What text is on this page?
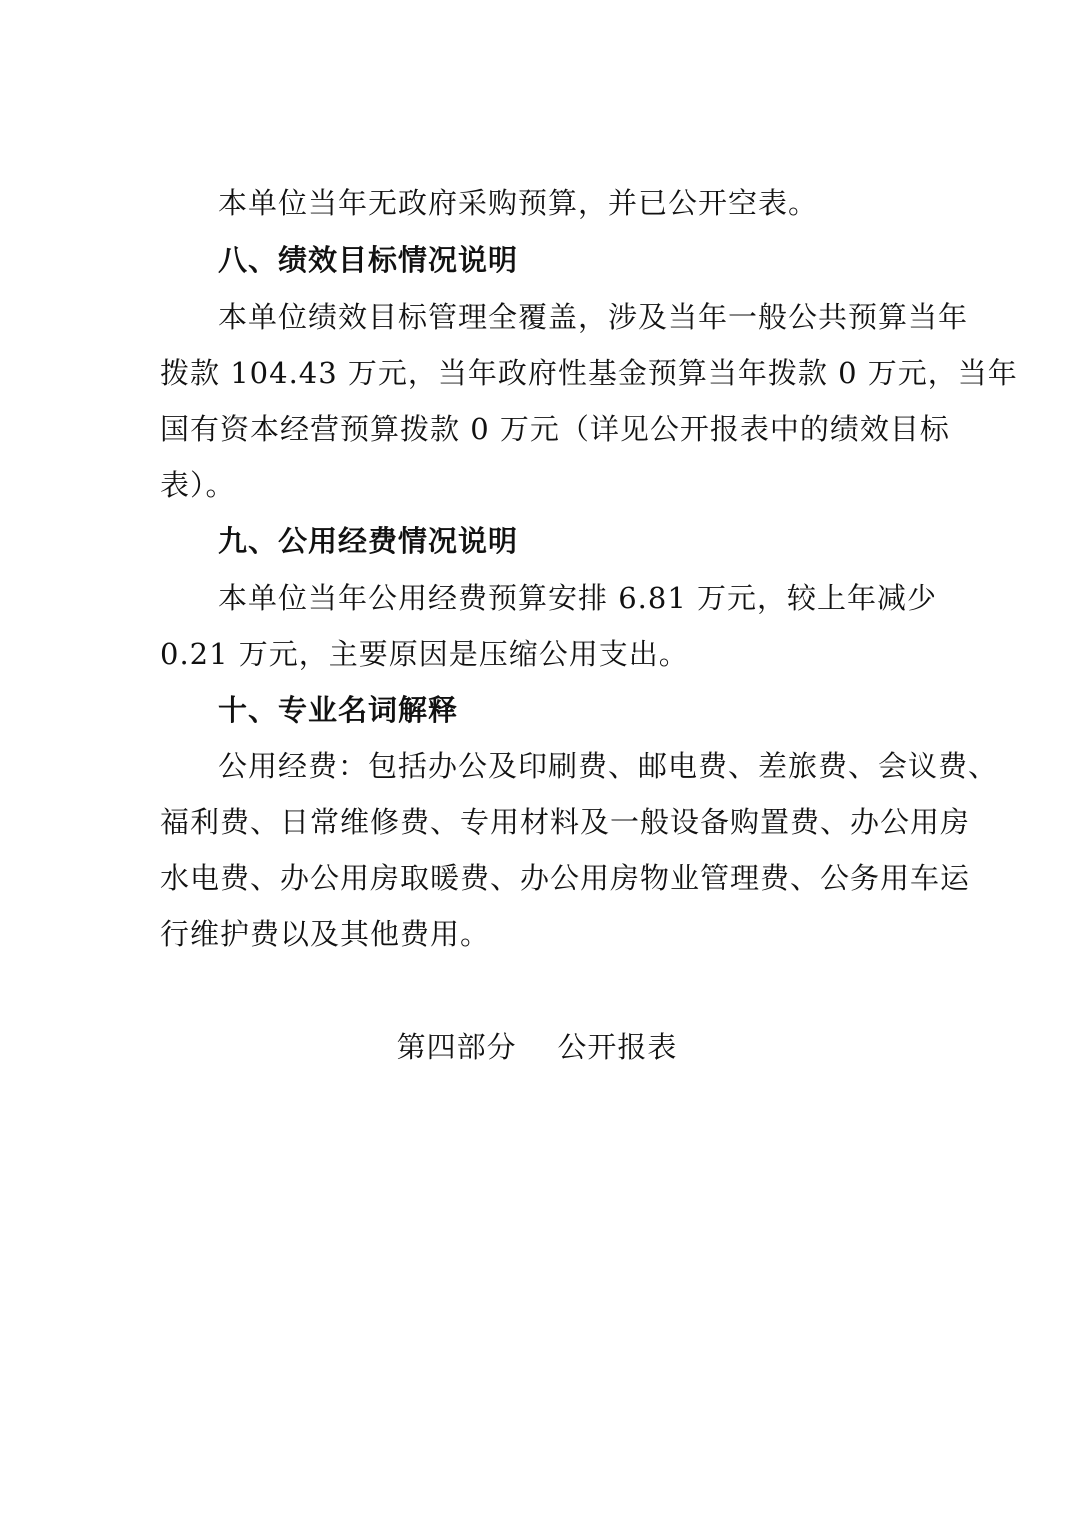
本单位当年无政府采购预算，并已公开空表。
八、绩效目标情况说明
本单位绩效目标管理全覆盖，涉及当年一般公共预算当年
拨款 104.43 万元，当年政府性基金预算当年拨款 0 万元，当年
国有资本经营预算拨款 0 万元（详见公开报表中的绩效目标
表）。
九、公用经费情况说明
本单位当年公用经费预算安排 6.81 万元，较上年减少
0.21 万元，主要原因是压缩公用支出。
十、专业名词解释
公用经费：包括办公及印刷费、邮电费、差旅费、会议费、
福利费、日常维修费、专用材料及一般设备购置费、办公用房
水电费、办公用房取暖费、办公用房物业管理费、公务用车运
行维护费以及其他费用。
第四部分    公开报表
